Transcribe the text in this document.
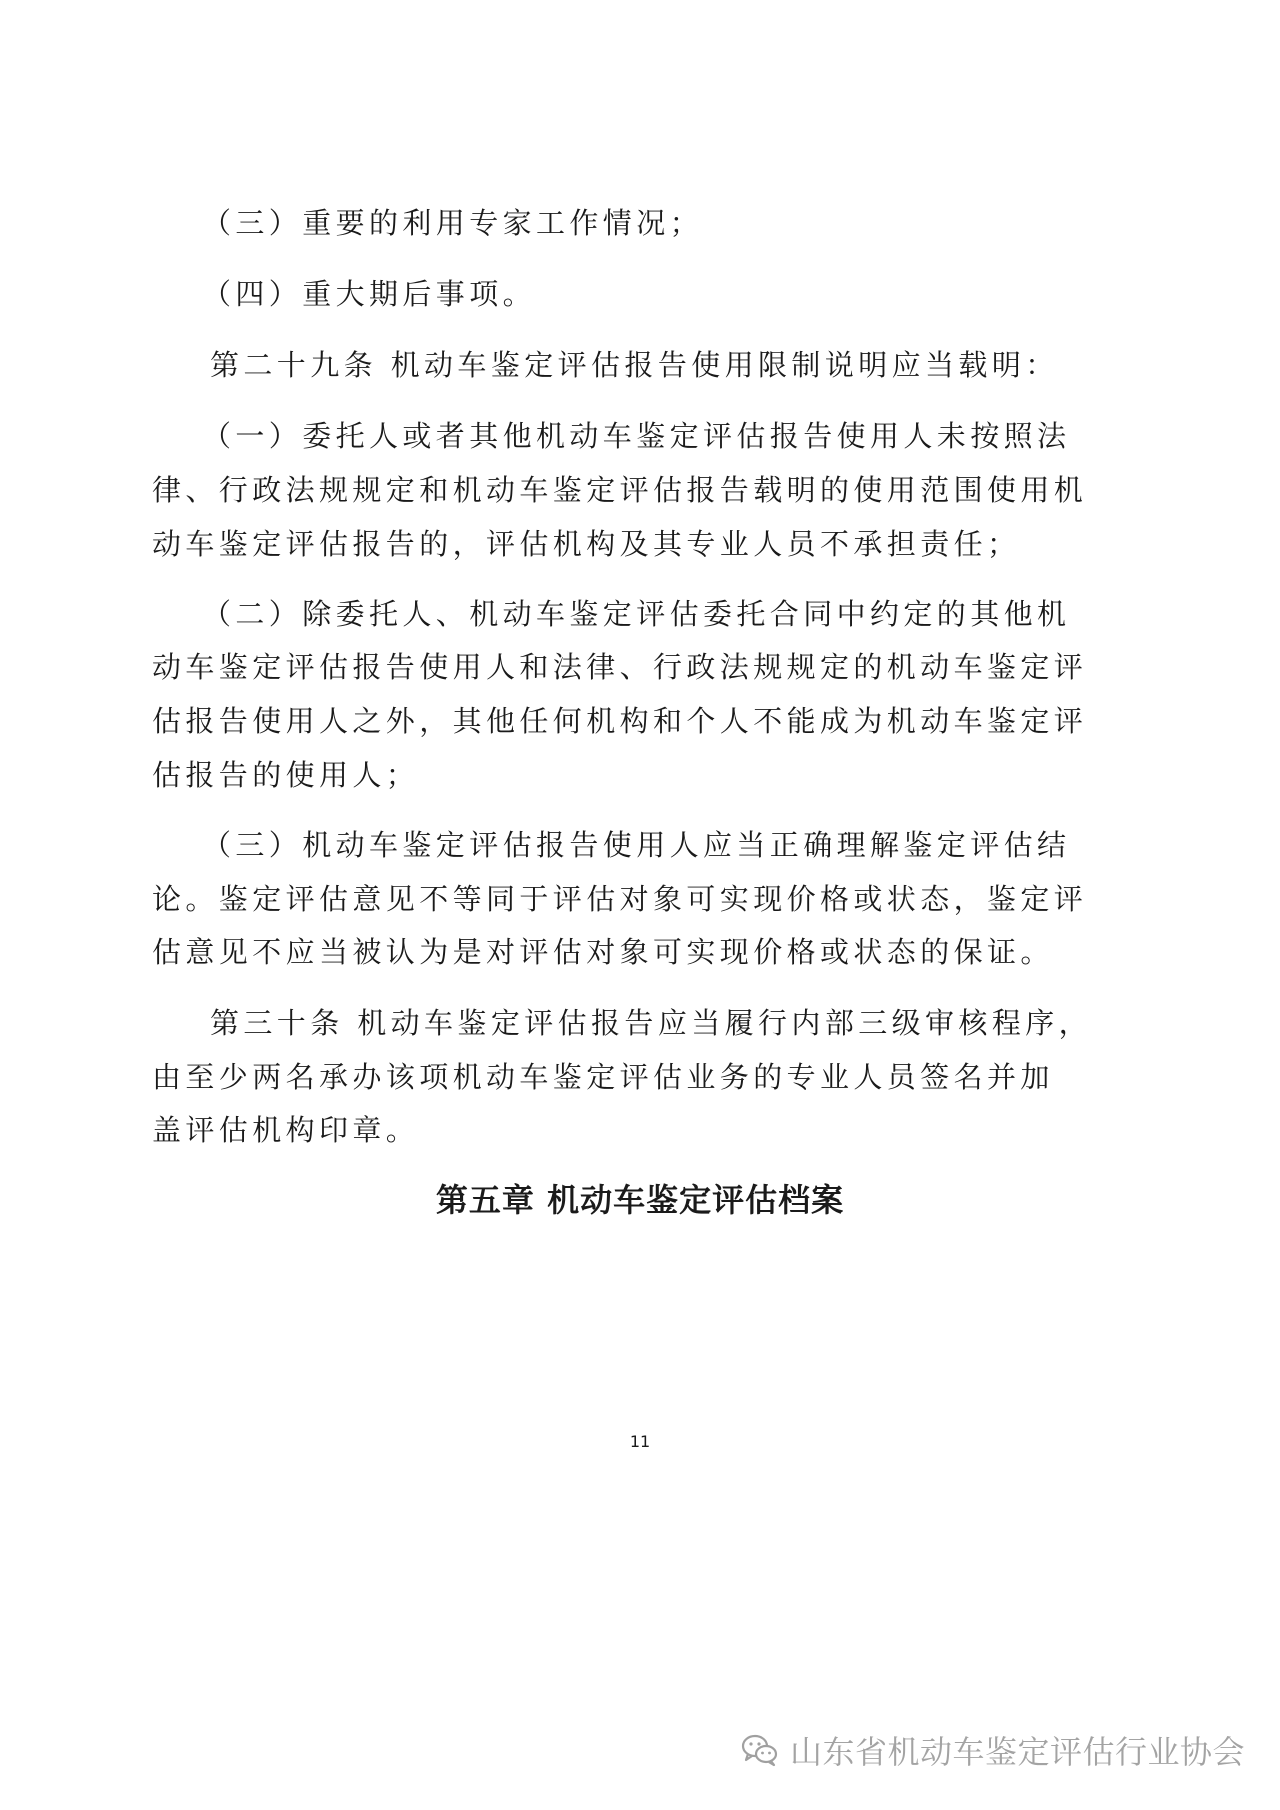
（三）重要的利用专家工作情况；
（四）重大期后事项。
第二十九条 机动车鉴定评估报告使用限制说明应当载明：
（一）委托人或者其他机动车鉴定评估报告使用人未按照法
律、行政法规规定和机动车鉴定评估报告载明的使用范围使用机
动车鉴定评估报告的，评估机构及其专业人员不承担责任；
（二）除委托人、机动车鉴定评估委托合同中约定的其他机
动车鉴定评估报告使用人和法律、行政法规规定的机动车鉴定评
估报告使用人之外，其他任何机构和个人不能成为机动车鉴定评
估报告的使用人；
（三）机动车鉴定评估报告使用人应当正确理解鉴定评估结
论。鉴定评估意见不等同于评估对象可实现价格或状态，鉴定评
估意见不应当被认为是对评估对象可实现价格或状态的保证。
第三十条 机动车鉴定评估报告应当履行内部三级审核程序，
由至少两名承办该项机动车鉴定评估业务的专业人员签名并加
盖评估机构印章。
第五章 机动车鉴定评估档案
11
山东省机动车鉴定评估行业协会
